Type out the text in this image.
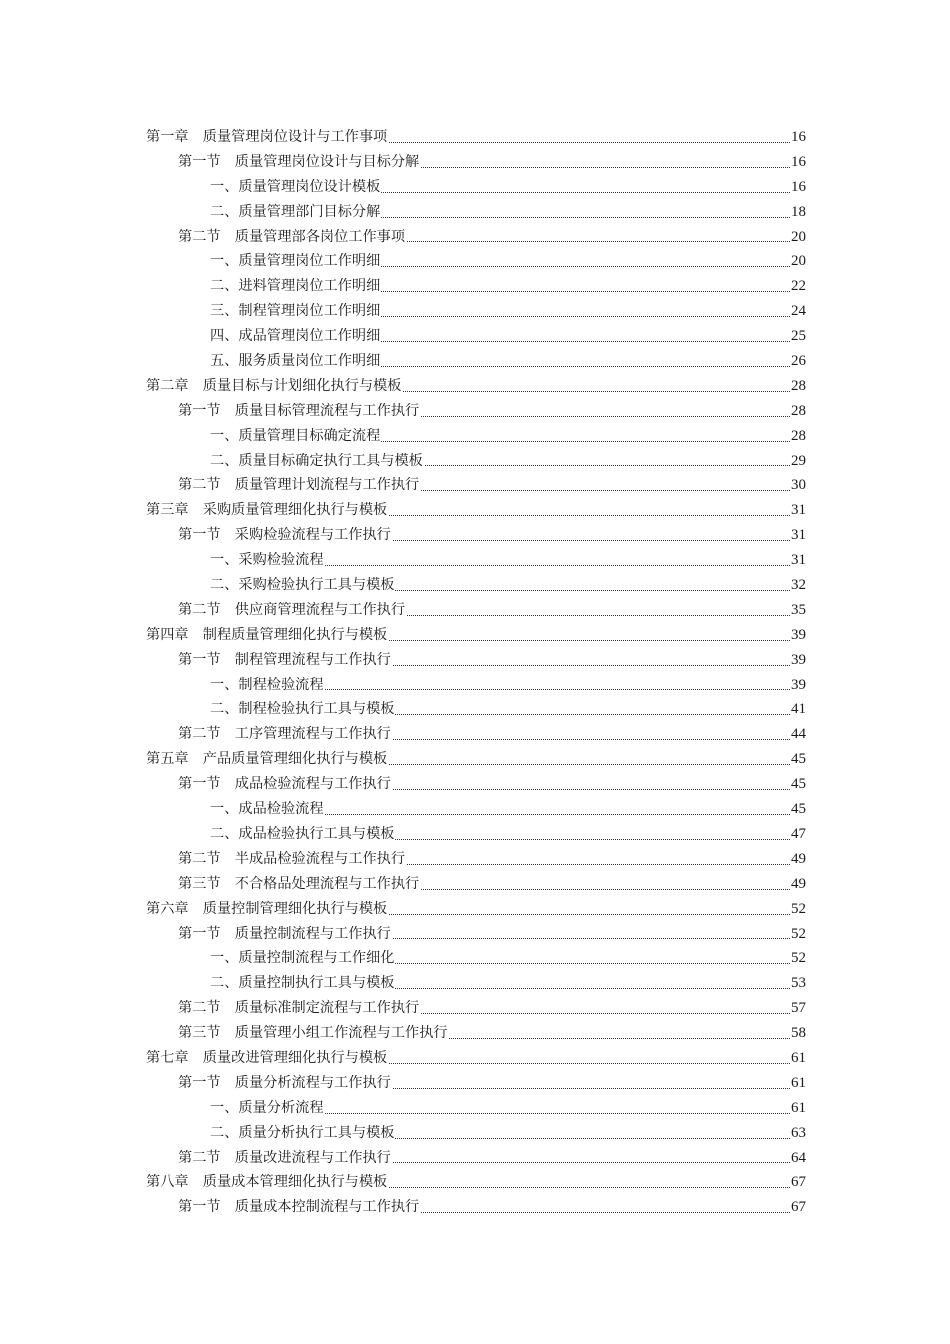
第一章　质量管理岗位设计与工作事项	16
第一节　质量管理岗位设计与目标分解	16
一、质量管理岗位设计模板	16
二、质量管理部门目标分解	18
第二节　质量管理部各岗位工作事项	20
一、质量管理岗位工作明细	20
二、进料管理岗位工作明细	22
三、制程管理岗位工作明细	24
四、成品管理岗位工作明细	25
五、服务质量岗位工作明细	26
第二章　质量目标与计划细化执行与模板	28
第一节　质量目标管理流程与工作执行	28
一、质量管理目标确定流程	28
二、质量目标确定执行工具与模板	29
第二节　质量管理计划流程与工作执行	30
第三章　采购质量管理细化执行与模板	31
第一节　采购检验流程与工作执行	31
一、采购检验流程	31
二、采购检验执行工具与模板	32
第二节　供应商管理流程与工作执行	35
第四章　制程质量管理细化执行与模板	39
第一节　制程管理流程与工作执行	39
一、制程检验流程	39
二、制程检验执行工具与模板	41
第二节　工序管理流程与工作执行	44
第五章　产品质量管理细化执行与模板	45
第一节　成品检验流程与工作执行	45
一、成品检验流程	45
二、成品检验执行工具与模板	47
第二节　半成品检验流程与工作执行	49
第三节　不合格品处理流程与工作执行	49
第六章　质量控制管理细化执行与模板	52
第一节　质量控制流程与工作执行	52
一、质量控制流程与工作细化	52
二、质量控制执行工具与模板	53
第二节　质量标准制定流程与工作执行	57
第三节　质量管理小组工作流程与工作执行	58
第七章　质量改进管理细化执行与模板	61
第一节　质量分析流程与工作执行	61
一、质量分析流程	61
二、质量分析执行工具与模板	63
第二节　质量改进流程与工作执行	64
第八章　质量成本管理细化执行与模板	67
第一节　质量成本控制流程与工作执行	67
